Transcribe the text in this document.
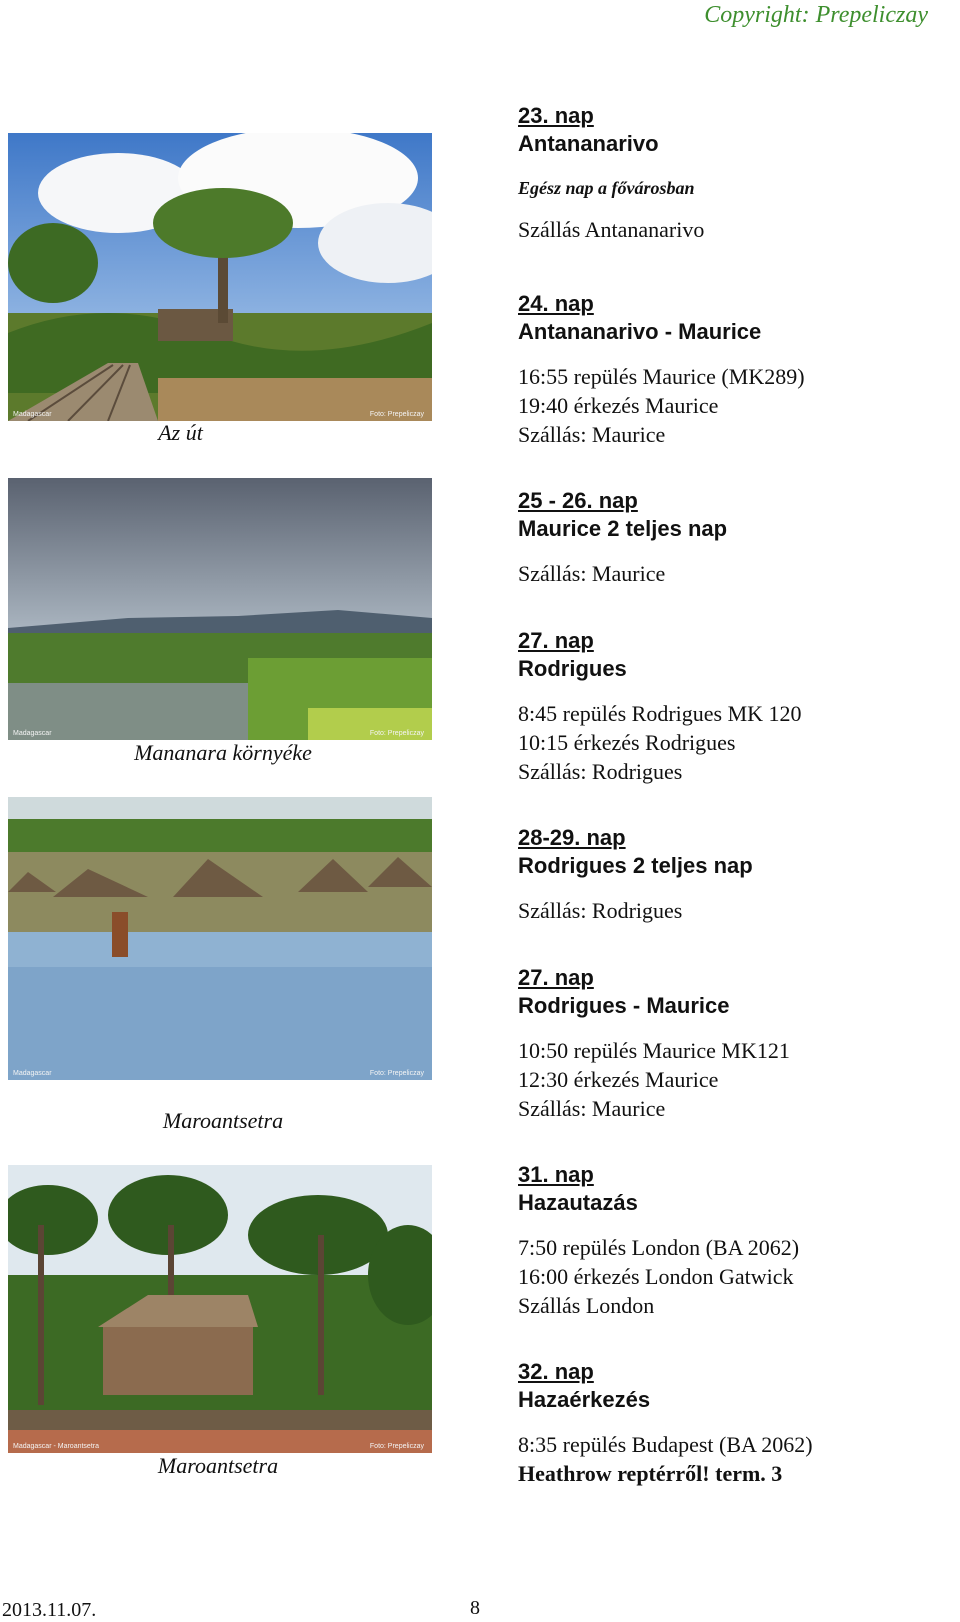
Copyright: Prepeliczay
Madagascar	Foto: Prepeliczay
Az út
Madagascar	Foto: Prepeliczay
Mananara környéke
Madagascar	Foto: Prepeliczay
Maroantsetra
Madagascar - Maroantsetra	Foto: Prepeliczay
Maroantsetra
23. nap
Antananarivo
Egész nap a fővárosban
Szállás Antananarivo
24. nap
Antananarivo - Maurice
16:55 repülés Maurice (MK289)
19:40 érkezés Maurice
Szállás: Maurice
25 - 26. nap
Maurice 2 teljes nap
Szállás: Maurice
27. nap
Rodrigues
8:45 repülés Rodrigues MK 120
10:15 érkezés Rodrigues
Szállás: Rodrigues
28-29. nap
Rodrigues 2 teljes nap
Szállás: Rodrigues
27. nap
Rodrigues - Maurice
10:50 repülés Maurice MK121
12:30 érkezés Maurice
Szállás: Maurice
31. nap
Hazautazás
7:50 repülés London (BA 2062)
16:00 érkezés London Gatwick
Szállás London
32. nap
Hazaérkezés
8:35 repülés Budapest (BA 2062)
Heathrow reptérről! term. 3
2013.11.07.	8
